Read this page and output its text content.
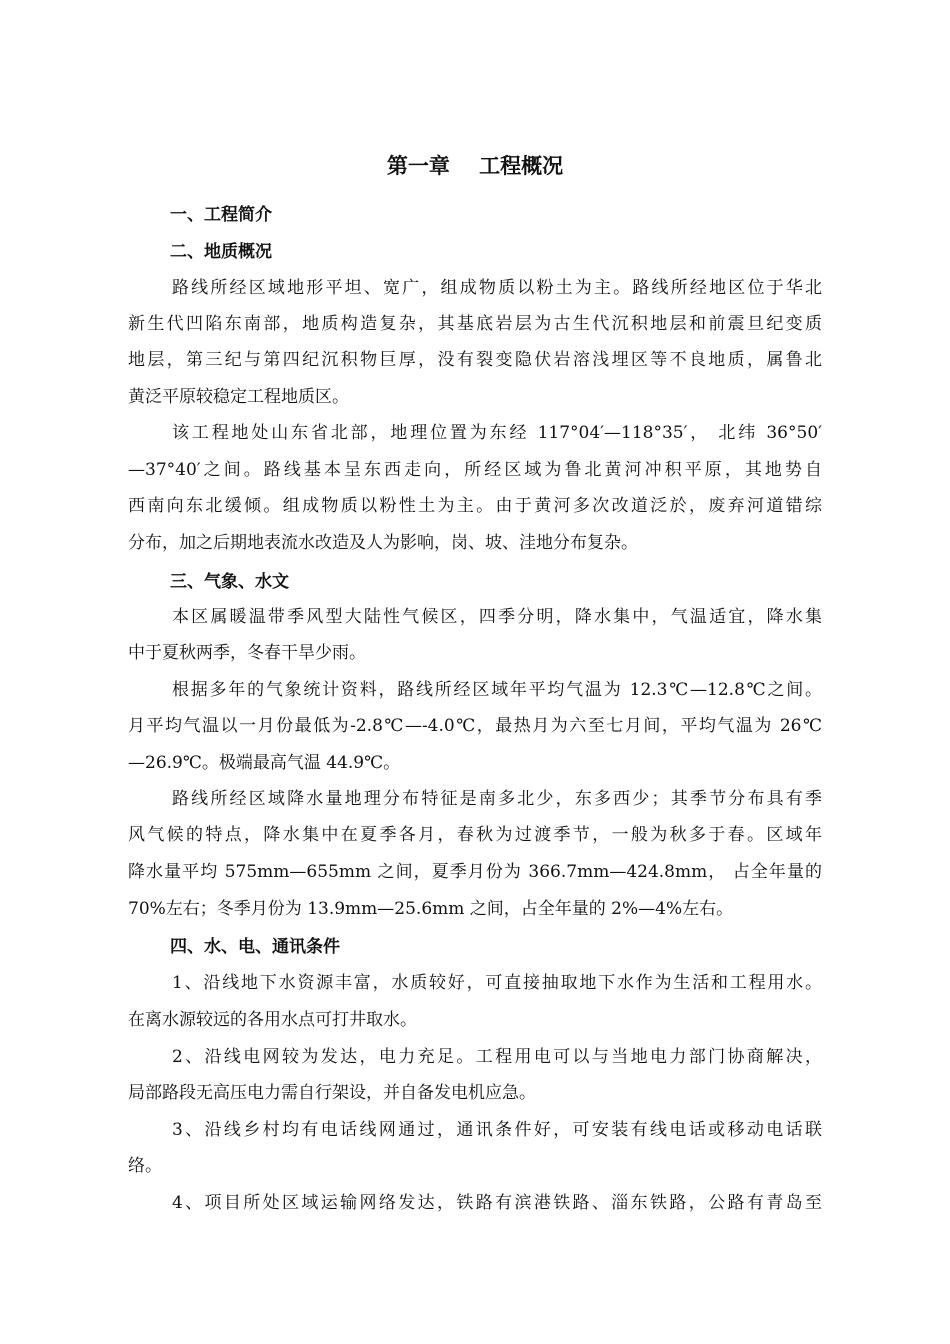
第一章    工程概况
一、工程简介
二、地质概况
路线所经区域地形平坦、宽广，组成物质以粉土为主。路线所经地区位于华北
新生代凹陷东南部，地质构造复杂，其基底岩层为古生代沉积地层和前震旦纪变质
地层，第三纪与第四纪沉积物巨厚，没有裂变隐伏岩溶浅埋区等不良地质，属鲁北
黄泛平原较稳定工程地质区。
该工程地处山东省北部，地理位置为东经 117°04′—118°35′， 北纬 36°50′
—37°40′之间。路线基本呈东西走向，所经区域为鲁北黄河冲积平原，其地势自
西南向东北缓倾。组成物质以粉性土为主。由于黄河多次改道泛於，废弃河道错综
分布，加之后期地表流水改造及人为影响，岗、坡、洼地分布复杂。
三、气象、水文
本区属暖温带季风型大陆性气候区，四季分明，降水集中，气温适宜，降水集
中于夏秋两季，冬春干旱少雨。
根据多年的气象统计资料，路线所经区域年平均气温为 12.3℃—12.8℃之间。
月平均气温以一月份最低为-2.8℃—-4.0℃，最热月为六至七月间，平均气温为 26℃
—26.9℃。极端最高气温 44.9℃。
路线所经区域降水量地理分布特征是南多北少，东多西少；其季节分布具有季
风气候的特点，降水集中在夏季各月，春秋为过渡季节，一般为秋多于春。区域年
降水量平均 575mm—655mm 之间，夏季月份为 366.7mm—424.8mm， 占全年量的
70%左右；冬季月份为 13.9mm—25.6mm 之间，占全年量的 2%—4%左右。
四、水、电、通讯条件
1、沿线地下水资源丰富，水质较好，可直接抽取地下水作为生活和工程用水。
在离水源较远的各用水点可打井取水。
2、沿线电网较为发达，电力充足。工程用电可以与当地电力部门协商解决，
局部路段无高压电力需自行架设，并自备发电机应急。
3、沿线乡村均有电话线网通过，通讯条件好，可安装有线电话或移动电话联
络。
4、项目所处区域运输网络发达，铁路有滨港铁路、淄东铁路，公路有青岛至
